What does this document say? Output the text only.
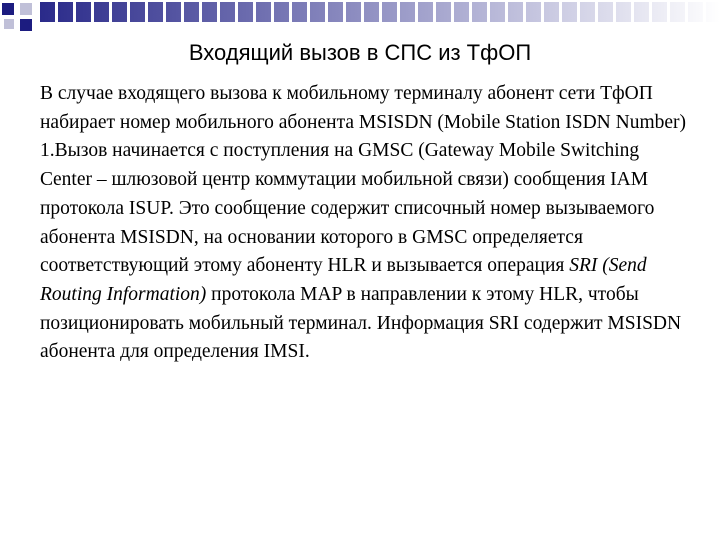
Входящий вызов в СПС из ТфОП

В случае входящего вызова к мобильному терминалу абонент сети ТфОП набирает номер мобильного абонента MSISDN (Mobile Station ISDN Number)

1.Вызов начинается с поступления на GMSC (Gateway Mobile Switching Center – шлюзовой центр коммутации мобильной связи) сообщения IAM протокола ISUP. Это сообщение содержит списочный номер вызываемого абонента MSISDN, на основании которого в GMSC определяется соответствующий этому абоненту HLR и вызывается операция SRI (Send Routing Information) протокола MAP в направлении к этому HLR, чтобы позиционировать мобильный терминал. Информация SRI содержит MSISDN абонента для определения IMSI.
